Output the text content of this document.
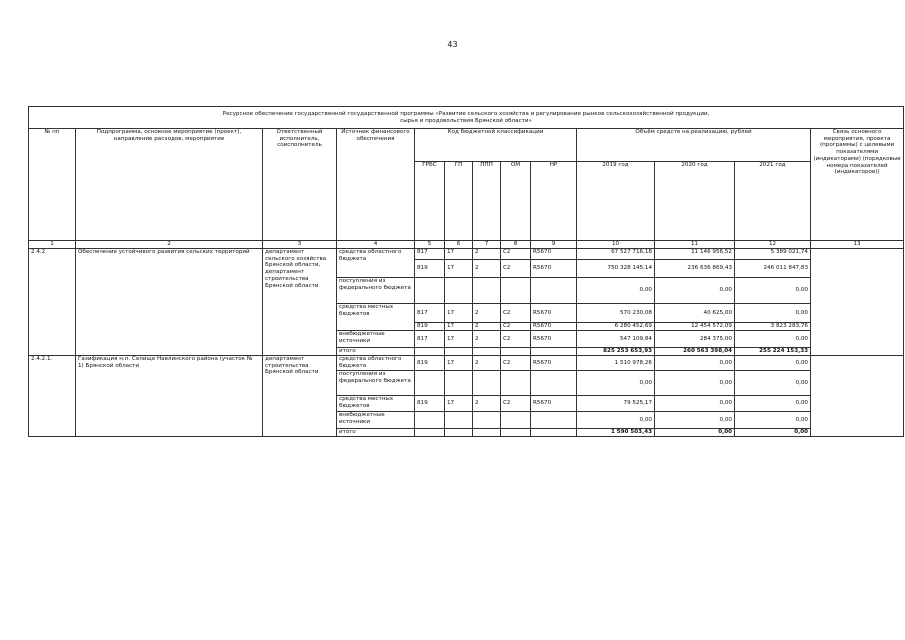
43
Ресурсное обеспечение государственной государственной программы «Развитие сельского хозяйства и регулирование рынков сельскохозяйственной продукции,
сырья и продовольствия Брянской области»												

№ пп	Подпрограмма, основное мероприятие (проект), направление расходов, мероприятие	Ответственный исполнитель, соисполнитель	Источник финансового обеспечения	Код бюджетной классификации					Объём средств на реализацию, рублей			Связь основного мероприятия, проекта (программы) с целевыми показателями (индикаторами) (порядковые номера показателей (индикаторов))
				ГРБС	ГП	ППП	ОМ	НР	2019 год	2020 год	2021 год	
1	2	3	4	5	6	7	8	9	10	11	12	13
2.4.2.	Обеспечение устойчивого развития сельских территорий	департамент сельского хозяйства Брянской области, департамент строительства Брянской области	средства областного бюджета	817	17	2	С2	R5670	67 527 716,18	11 146 956,52	5 389 021,74	
				819	17	2	С2	R5670	750 328 145,14	236 636 869,43	246 011 847,83	
			поступления из федерального бюджета						0,00	0,00	0,00	
			средства местных бюджетов	817	17	2	С2	R5670	570 230,08	40 625,00	0,00	
				819	17	2	С2	R5670	6 280 452,69	12 454 572,09	3 823 283,76	
			внебюджетные источники	817	17	2	С2	R5670	547 109,84	284 375,00	0,00	
			итого						825 253 653,93	260 563 398,04	255 224 153,33	
2.4.2.1.	Газификация н.п. Селище Навлинского района (участок № 1) Брянской области	департамент строительства Брянской области	средства областного бюджета	819	17	2	С2	R5670	1 510 978,26	0,00	0,00	
			поступления из федерального бюджета						0,00	0,00	0,00	
			средства местных бюджетов	819	17	2	С2	R5670	79 525,17	0,00	0,00	
			внебюджетные источники						0,00	0,00	0,00	
			итого						1 590 503,43	0,00	0,00	
